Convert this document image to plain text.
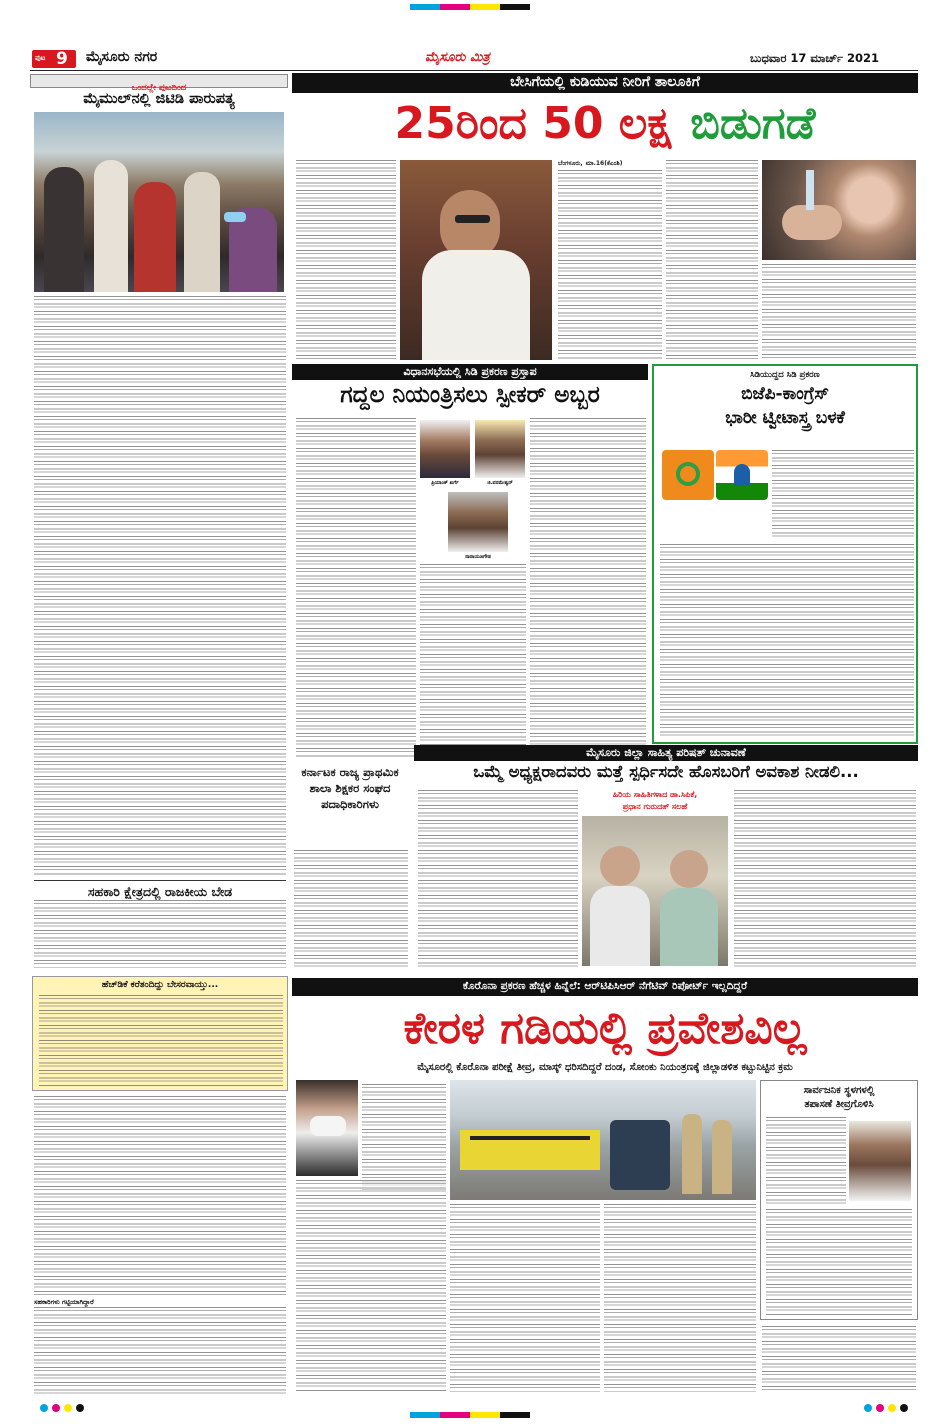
ಪುಟ 9 ಮೈಸೂರು ನಗರ	ಮೈಸೂರು ಮಿತ್ರ	ಬುಧವಾರ 17 ಮಾರ್ಚ್ 2021
ಒಂದಲ್ಲೇ ಪುಟದಿಂದ
ಮೈಮುಲ್‌ನಲ್ಲಿ ಜಿಟಿಡಿ ಪಾರುಪತ್ಯ
ಸಹಕಾರಿ ಕ್ಷೇತ್ರದಲ್ಲಿ ರಾಜಕೀಯ ಬೇಡ
ಹೆಚ್‌ಡಿಕೆ ಕರೆತಂದಿದ್ದು ಬೇಸರವಾಯ್ತು...
ಸಹಕಾರಿಗಳು ಗಟ್ಟಿಯಾಗಿದ್ದಾರೆ
ಬೇಸಿಗೆಯಲ್ಲಿ ಕುಡಿಯುವ ನೀರಿಗೆ ತಾಲೂಕಿಗೆ
25ರಿಂದ 50 ಲಕ್ಷ ಬಿಡುಗಡೆ
ಬೆಂಗಳೂರು, ಮಾ.16(ಕೆಎಂಶಿ)
ವಿಧಾನಸಭೆಯಲ್ಲಿ ಸಿಡಿ ಪ್ರಕರಣ ಪ್ರಸ್ತಾಪ
ಗದ್ದಲ ನಿಯಂತ್ರಿಸಲು ಸ್ಪೀಕರ್ ಅಬ್ಬರ
ಪ್ರಿಯಾಂಕ್ ಖರ್ಗೆ	ಜಿ.ಪರಮೇಶ್ವರ್
ನಾರಾಯಣಗೌಡ
ಸಿಡಿಯುದ್ದದ ಸಿಡಿ ಪ್ರಕರಣ
ಬಿಜೆಪಿ-ಕಾಂಗ್ರೆಸ್
ಭಾರೀ ಟ್ವೀಟಾಸ್ತ್ರ ಬಳಕೆ
ಕರ್ನಾಟಕ ರಾಜ್ಯ ಪ್ರಾಥಮಿಕ ಶಾಲಾ ಶಿಕ್ಷಕರ ಸಂಘದ ಪದಾಧಿಕಾರಿಗಳು
ಮೈಸೂರು ಜಿಲ್ಲಾ ಸಾಹಿತ್ಯ ಪರಿಷತ್ ಚುನಾವಣೆ
ಒಮ್ಮೆ ಅಧ್ಯಕ್ಷರಾದವರು ಮತ್ತೆ ಸ್ಪರ್ಧಿಸದೇ ಹೊಸಬರಿಗೆ ಅವಕಾಶ ನೀಡಲಿ...
ಹಿರಿಯ ಸಾಹಿತಿಗಳಾದ ಡಾ.ಸಿಪಿಕೆ,
ಪ್ರಧಾನ ಗುರುದತ್ ಸಲಹೆ
ಕೊರೊನಾ ಪ್ರಕರಣ ಹೆಚ್ಚಳ ಹಿನ್ನೆಲೆ: ಆರ್‌ಟಿಪಿಸಿಆರ್ ನೆಗೆಟಿವ್ ರಿಪೋರ್ಟ್ ಇಲ್ಲದಿದ್ದರೆ
ಕೇರಳ ಗಡಿಯಲ್ಲಿ ಪ್ರವೇಶವಿಲ್ಲ
ಮೈಸೂರಲ್ಲಿ ಕೊರೊನಾ ಪರೀಕ್ಷೆ ತೀವ್ರ, ಮಾಸ್ಕ್ ಧರಿಸದಿದ್ದರೆ ದಂಡ, ಸೋಂಕು ನಿಯಂತ್ರಣಕ್ಕೆ ಜಿಲ್ಲಾಡಳಿತ ಕಟ್ಟುನಿಟ್ಟಿನ ಕ್ರಮ
ಸಾರ್ವಜನಿಕ ಸ್ಥಳಗಳಲ್ಲಿ
ತಪಾಸಣೆ ತೀವ್ರಗೊಳಿಸಿ
